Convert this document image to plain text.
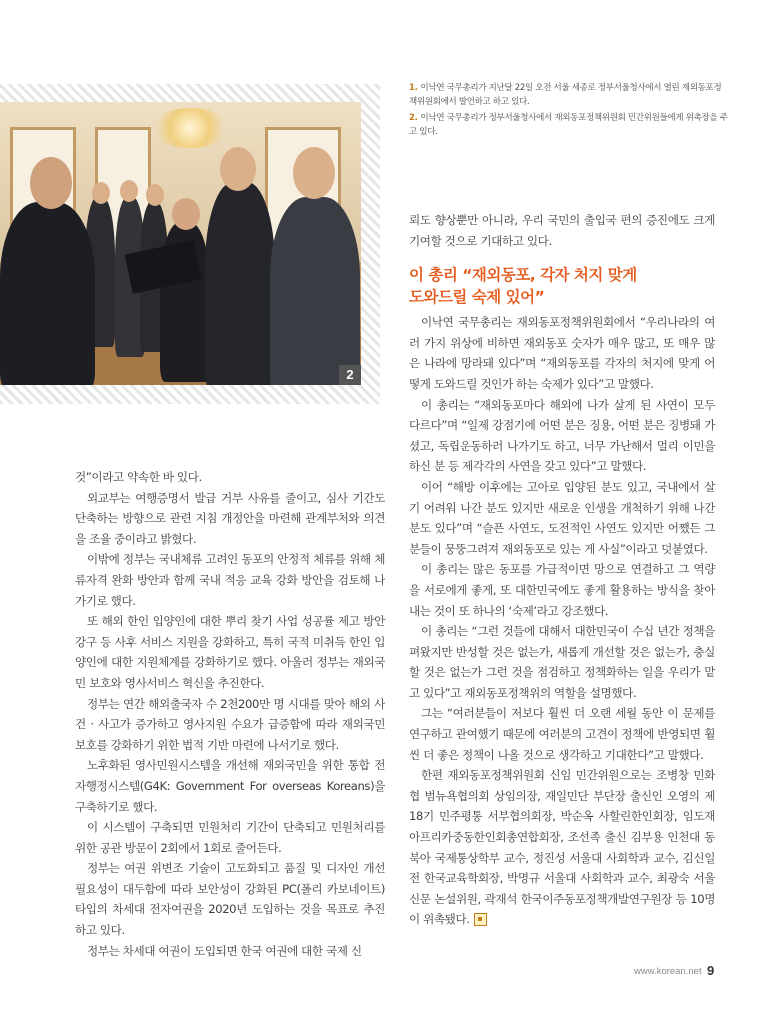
2

1. 이낙연 국무총리가 지난달 22일 오전 서울 세종로 정부서울청사에서 열린 재외동포정책위원회에서 발언하고 하고 있다.

2. 이낙연 국무총리가 정부서울청사에서 재외동포정책위원회 민간위원들에게 위촉장을 주고 있다.

것”이라고 약속한 바 있다.

외교부는 여행증명서 발급 거부 사유를 줄이고, 심사 기간도 단축하는 방향으로 관련 지침 개정안을 마련해 관계부처와 의견을 조율 중이라고 밝혔다.

이밖에 정부는 국내체류 고려인 동포의 안정적 체류를 위해 체류자격 완화 방안과 함께 국내 적응 교육 강화 방안을 검토해 나가기로 했다.

또 해외 한인 입양인에 대한 뿌리 찾기 사업 성공률 제고 방안 강구 등 사후 서비스 지원을 강화하고, 특히 국적 미취득 한인 입양인에 대한 지원체계를 강화하기로 했다. 아울러 정부는 재외국민 보호와 영사서비스 혁신을 추진한다.

정부는 연간 해외출국자 수 2천200만 명 시대를 맞아 해외 사건 · 사고가 증가하고 영사지원 수요가 급증함에 따라 재외국민 보호를 강화하기 위한 법적 기반 마련에 나서기로 했다.

노후화된 영사민원시스템을 개선해 재외국민을 위한 통합 전자행정시스템(G4K: Government For overseas Koreans)을 구축하기로 했다.

이 시스템이 구축되면 민원처리 기간이 단축되고 민원처리를 위한 공관 방문이 2회에서 1회로 줄어든다.

정부는 여권 위변조 기술이 고도화되고 품질 및 디자인 개선 필요성이 대두함에 따라 보안성이 강화된 PC(폴리 카보네이트) 타입의 차세대 전자여권을 2020년 도입하는 것을 목표로 추진하고 있다.

정부는 차세대 여권이 도입되면 한국 여권에 대한 국제 신

뢰도 향상뿐만 아니라, 우리 국민의 출입국 편의 증진에도 크게 기여할 것으로 기대하고 있다.

이 총리 “재외동포, 각자 처지 맞게
도와드릴 숙제 있어”

이낙연 국무총리는 재외동포정책위원회에서 “우리나라의 여러 가지 위상에 비하면 재외동포 숫자가 매우 많고, 또 매우 많은 나라에 망라돼 있다”며 “재외동포를 각자의 처지에 맞게 어떻게 도와드릴 것인가 하는 숙제가 있다”고 말했다.

이 총리는 “재외동포마다 해외에 나가 살게 된 사연이 모두 다르다”며 “일제 강점기에 어떤 분은 징용, 어떤 분은 징병돼 가셨고, 독립운동하러 나가기도 하고, 너무 가난해서 멀리 이민을 하신 분 등 제각각의 사연을 갖고 있다”고 말했다.

이어 “해방 이후에는 고아로 입양된 분도 있고, 국내에서 살기 어려워 나간 분도 있지만 새로운 인생을 개척하기 위해 나간 분도 있다”며 “슬픈 사연도, 도전적인 사연도 있지만 어쨌든 그분들이 뭉뚱그려져 재외동포로 있는 게 사실”이라고 덧붙였다.

이 총리는 많은 동포를 가급적이면 망으로 연결하고 그 역량을 서로에게 좋게, 또 대한민국에도 좋게 활용하는 방식을 찾아내는 것이 또 하나의 ‘숙제’라고 강조했다.

이 총리는 “그런 것들에 대해서 대한민국이 수십 년간 정책을 펴왔지만 반성할 것은 없는가, 새롭게 개선할 것은 없는가, 충실할 것은 없는가 그런 것을 점검하고 정책화하는 일을 우리가 맡고 있다”고 재외동포정책위의 역할을 설명했다.

그는 “여러분들이 저보다 훨씬 더 오랜 세월 동안 이 문제를 연구하고 관여했기 때문에 여러분의 고견이 정책에 반영되면 훨씬 더 좋은 정책이 나올 것으로 생각하고 기대한다”고 말했다.

한편 재외동포정책위원회 신임 민간위원으로는 조병창 민화협 범뉴욕협의회 상임의장, 재일민단 부단장 출신인 오영의 제18기 민주평통 서부협의회장, 박순옥 사할린한인회장, 임도재 아프리카중동한인회총연합회장, 조선족 출신 김부용 인천대 동북아 국제통상학부 교수, 정진성 서울대 사회학과 교수, 김신일 전 한국교육학회장, 박명규 서울대 사회학과 교수, 최광숙 서울신문 논설위원, 곽재석 한국이주동포정책개발연구원장 등 10명이 위촉됐다.

www.korean.net 9
